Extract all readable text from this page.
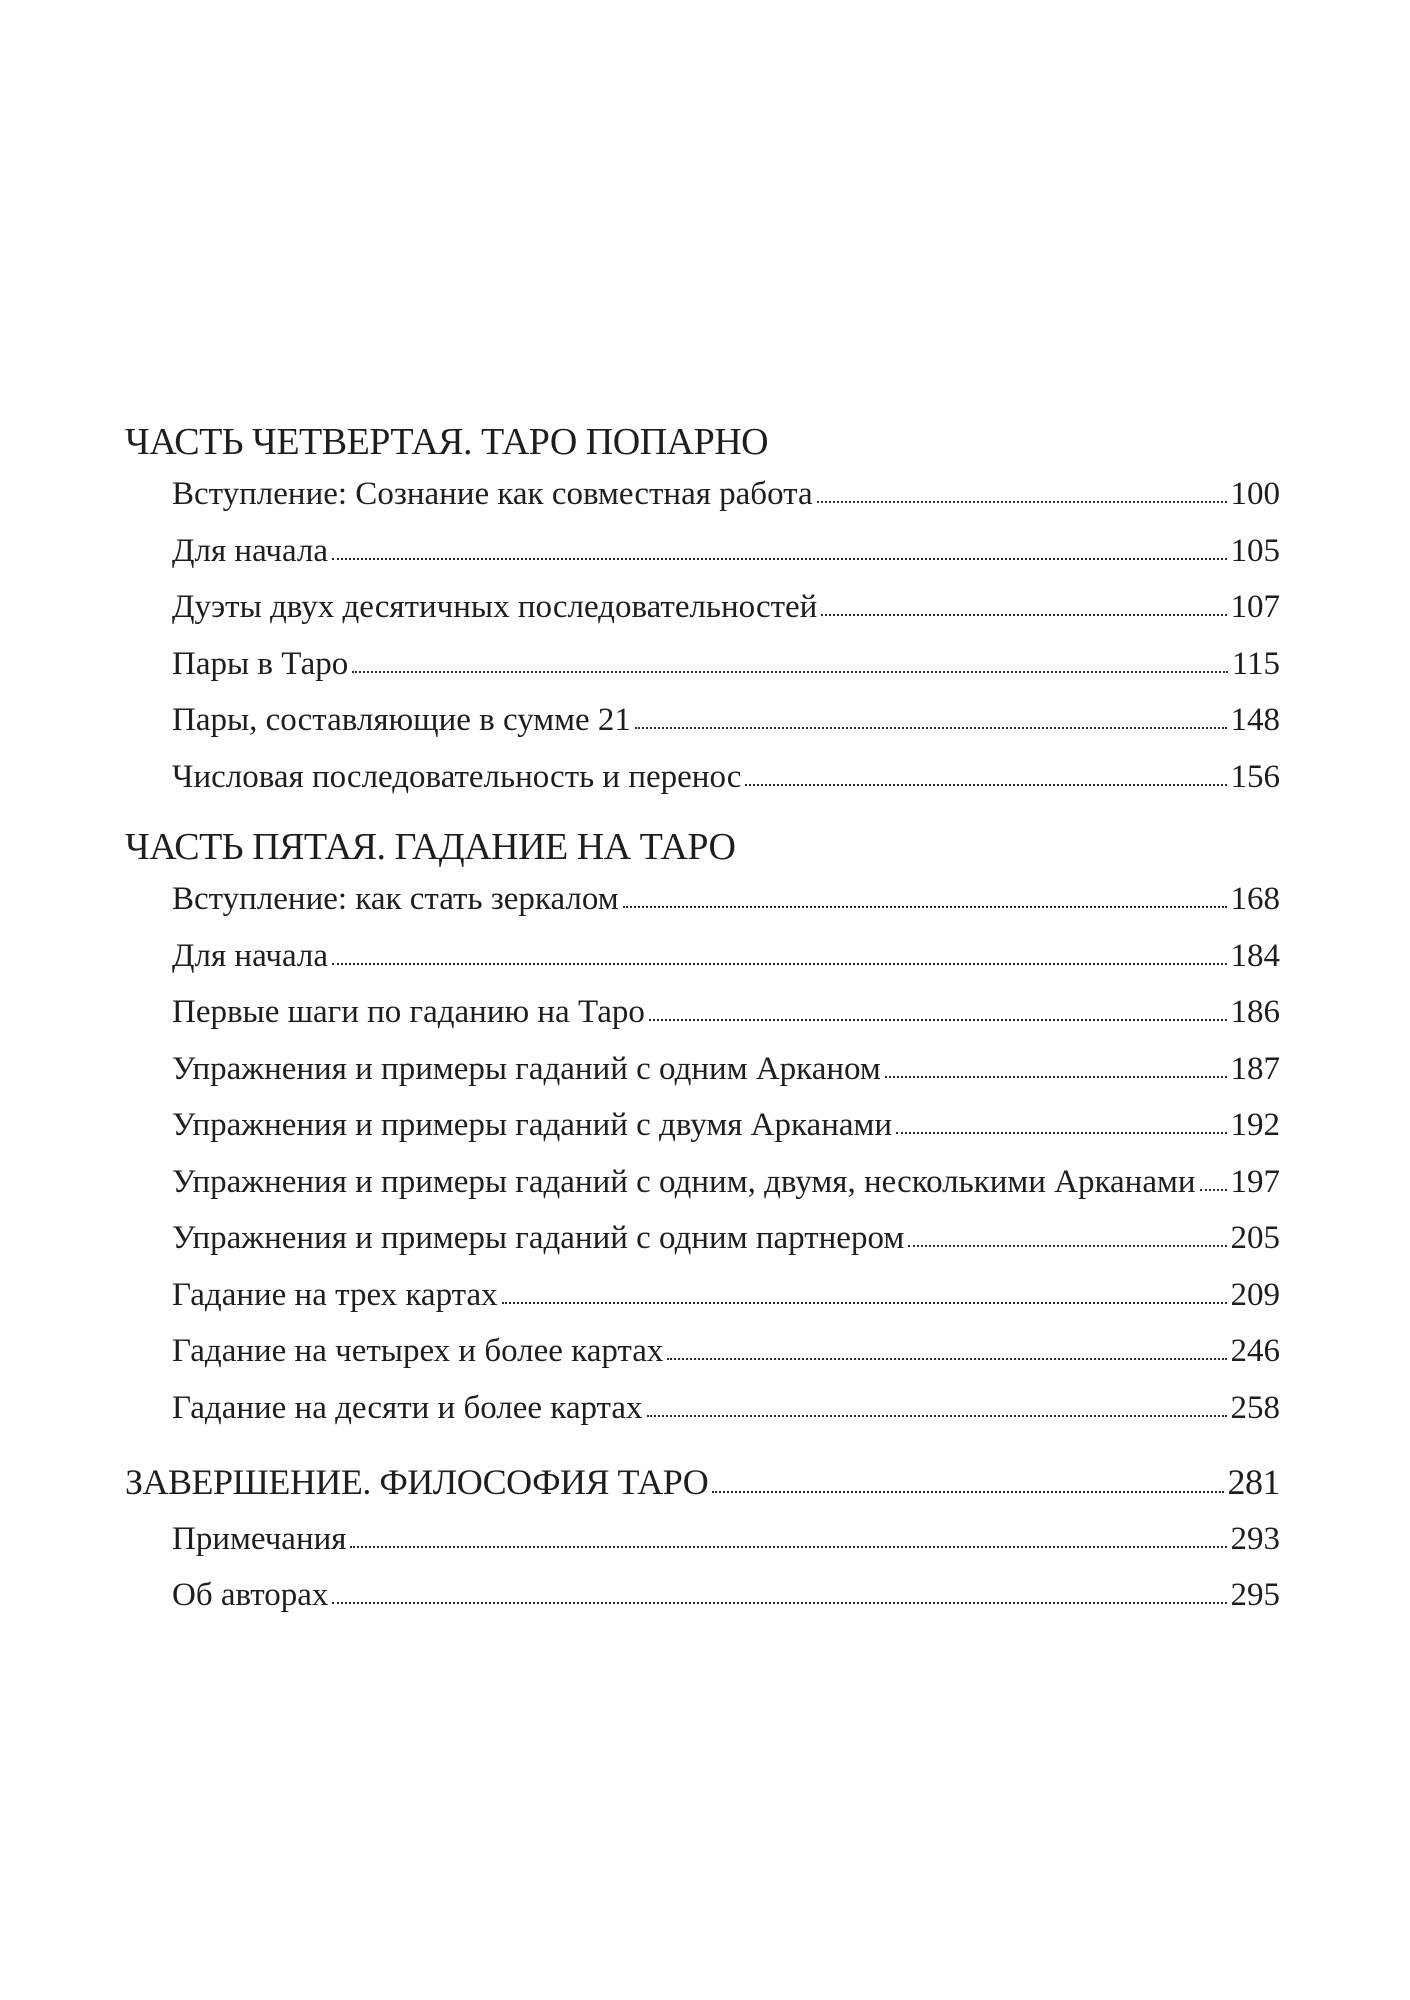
ЧАСТЬ ЧЕТВЕРТАЯ. ТАРО ПОПАРНО
Вступление: Сознание как совместная работа	100
Для начала	105
Дуэты двух десятичных последовательностей	107
Пары в Таро	115
Пары, составляющие в сумме 21	148
Числовая последовательность и перенос	156
ЧАСТЬ ПЯТАЯ. ГАДАНИЕ НА ТАРО
Вступление: как стать зеркалом	168
Для начала	184
Первые шаги по гаданию на Таро	186
Упражнения и примеры гаданий с одним Арканом	187
Упражнения и примеры гаданий с двумя Арканами	192
Упражнения и примеры гаданий с одним, двумя, несколькими Арканами 197
Упражнения и примеры гаданий с одним партнером	205
Гадание на трех картах	209
Гадание на четырех и более картах	246
Гадание на десяти и более картах	258
ЗАВЕРШЕНИЕ. ФИЛОСОФИЯ ТАРО	281
Примечания	293
Об авторах	295
